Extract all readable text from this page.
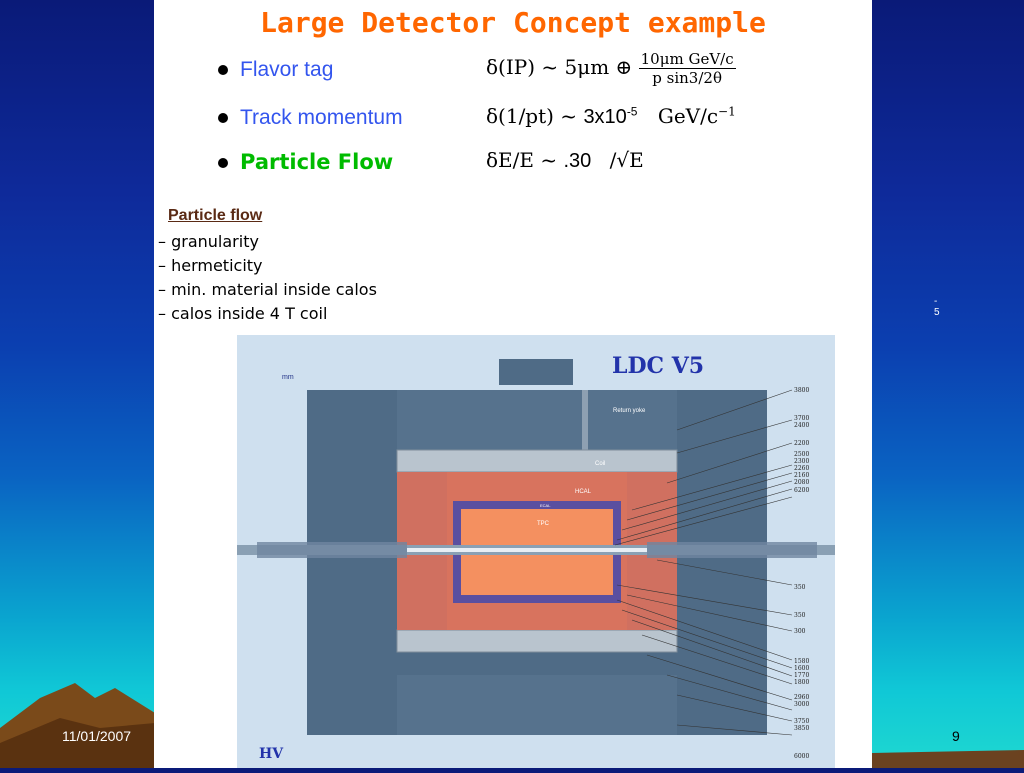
Large Detector Concept example
Flavor tag	δ(IP) ~ 5μm ⊕ $\frac{\text{10μm GeV/c}}{\text{p sin3/2θ}}$
Track momentum	δ(1/pt) ~ $3x10^{-5}$ GeV/$c^{-1}$
Particle Flow	δE/E ~ .30 /√E
Particle flow
– granularity
– hermeticity
– min. material inside calos
– calos inside 4 T coil
LDC V5
mm
HV
Return yoke
Coil
HCAL
ECAL
TPC
3800
3700
2400
2200
2500
2300
2260
2160
2080
6200
350
350
300
1580
1600
1770
1800
2960
3000
3750
3850
6000
-
5
11/01/2007	9
